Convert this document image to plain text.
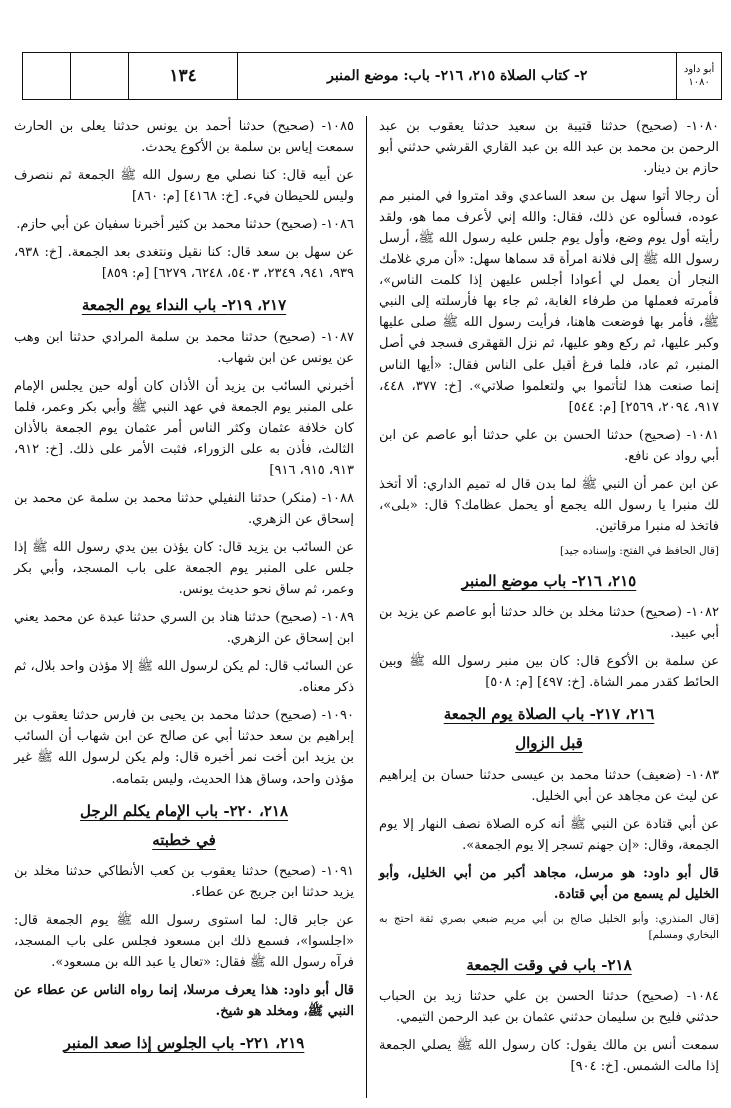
أبو داود
١٠٨٠
٢- كتاب الصلاة ٢١٥، ٢١٦- باب: موضع المنبر
١٣٤

١٠٨٠- (صحيح) حدثنا قتيبة بن سعيد حدثنا يعقوب بن عبد الرحمن بن محمد بن عبد الله بن عبد القاري القرشي حدثني أبو حازم بن دينار.

أن رجالا أتوا سهل بن سعد الساعدي وقد امتروا في المنبر مم عوده، فسألوه عن ذلك، فقال: والله إني لأعرف مما هو، ولقد رأيته أول يوم وضع، وأول يوم جلس عليه رسول الله ﷺ، أرسل رسول الله ﷺ إلى فلانة امرأة قد سماها سهل: «أن مري غلامك النجار أن يعمل لي أعوادا أجلس عليهن إذا كلمت الناس»، فأمرته فعملها من طرفاء الغابة، ثم جاء بها فأرسلته إلى النبي ﷺ، فأمر بها فوضعت هاهنا، فرأيت رسول الله ﷺ صلى عليها وكبر عليها، ثم ركع وهو عليها، ثم نزل القهقرى فسجد في أصل المنبر، ثم عاد، فلما فرغ أقبل على الناس فقال: «أيها الناس إنما صنعت هذا لتأتموا بي ولتعلموا صلاتي». [خ: ٣٧٧، ٤٤٨، ٩١٧، ٢٠٩٤، ٢٥٦٩] [م: ٥٤٤]

١٠٨١- (صحيح) حدثنا الحسن بن علي حدثنا أبو عاصم عن ابن أبي رواد عن نافع.

عن ابن عمر أن النبي ﷺ لما بدن قال له تميم الداري: ألا أتخذ لك منبرا يا رسول الله يجمع أو يحمل عظامك؟ قال: «بلى»، فاتخذ له منبرا مرقاتين.

[قال الحافظ في الفتح: وإسناده جيد]

٢١٥، ٢١٦- باب موضع المنبر

١٠٨٢- (صحيح) حدثنا مخلد بن خالد حدثنا أبو عاصم عن يزيد بن أبي عبيد.

عن سلمة بن الأكوع قال: كان بين منبر رسول الله ﷺ وبين الحائط كقدر ممر الشاة. [خ: ٤٩٧] [م: ٥٠٨]

٢١٦، ٢١٧- باب الصلاة يوم الجمعة
قبل الزوال

١٠٨٣- (ضعيف) حدثنا محمد بن عيسى حدثنا حسان بن إبراهيم عن ليث عن مجاهد عن أبي الخليل.

عن أبي قتادة عن النبي ﷺ أنه كره الصلاة نصف النهار إلا يوم الجمعة، وقال: «إن جهنم تسجر إلا يوم الجمعة».

قال أبو داود: هو مرسل، مجاهد أكبر من أبي الخليل، وأبو الخليل لم يسمع من أبي قتادة.

[قال المنذري: وأبو الخليل صالح بن أبي مريم ضبعي بصري ثقة احتج به البخاري ومسلم]

٢١٨- باب في وقت الجمعة

١٠٨٤- (صحيح) حدثنا الحسن بن علي حدثنا زيد بن الحباب حدثني فليح بن سليمان حدثني عثمان بن عبد الرحمن التيمي.

سمعت أنس بن مالك يقول: كان رسول الله ﷺ يصلي الجمعة إذا مالت الشمس. [خ: ٩٠٤]

١٠٨٥- (صحيح) حدثنا أحمد بن يونس حدثنا يعلى بن الحارث سمعت إياس بن سلمة بن الأكوع يحدث.

عن أبيه قال: كنا نصلي مع رسول الله ﷺ الجمعة ثم ننصرف وليس للحيطان فيء. [خ: ٤١٦٨] [م: ٨٦٠]

١٠٨٦- (صحيح) حدثنا محمد بن كثير أخبرنا سفيان عن أبي حازم.

عن سهل بن سعد قال: كنا نقيل ونتغدى بعد الجمعة. [خ: ٩٣٨، ٩٣٩، ٩٤١، ٢٣٤٩، ٥٤٠٣، ٦٢٤٨، ٦٢٧٩] [م: ٨٥٩]

٢١٧، ٢١٩- باب النداء يوم الجمعة

١٠٨٧- (صحيح) حدثنا محمد بن سلمة المرادي حدثنا ابن وهب عن يونس عن ابن شهاب.

أخبرني السائب بن يزيد أن الأذان كان أوله حين يجلس الإمام على المنبر يوم الجمعة في عهد النبي ﷺ وأبي بكر وعمر، فلما كان خلافة عثمان وكثر الناس أمر عثمان يوم الجمعة بالأذان الثالث، فأذن به على الزوراء، فثبت الأمر على ذلك. [خ: ٩١٢، ٩١٣، ٩١٥، ٩١٦]

١٠٨٨- (منكر) حدثنا النفيلي حدثنا محمد بن سلمة عن محمد بن إسحاق عن الزهري.

عن السائب بن يزيد قال: كان يؤذن بين يدي رسول الله ﷺ إذا جلس على المنبر يوم الجمعة على باب المسجد، وأبي بكر وعمر، ثم ساق نحو حديث يونس.

١٠٨٩- (صحيح) حدثنا هناد بن السري حدثنا عبدة عن محمد يعني ابن إسحاق عن الزهري.

عن السائب قال: لم يكن لرسول الله ﷺ إلا مؤذن واحد بلال، ثم ذكر معناه.

١٠٩٠- (صحيح) حدثنا محمد بن يحيى بن فارس حدثنا يعقوب بن إبراهيم بن سعد حدثنا أبي عن صالح عن ابن شهاب أن السائب بن يزيد ابن أخت نمر أخبره قال: ولم يكن لرسول الله ﷺ غير مؤذن واحد، وساق هذا الحديث، وليس بتمامه.

٢١٨، ٢٢٠- باب الإمام يكلم الرجل
في خطبته

١٠٩١- (صحيح) حدثنا يعقوب بن كعب الأنطاكي حدثنا مخلد بن يزيد حدثنا ابن جريج عن عطاء.

عن جابر قال: لما استوى رسول الله ﷺ يوم الجمعة قال: «اجلسوا»، فسمع ذلك ابن مسعود فجلس على باب المسجد، فرآه رسول الله ﷺ فقال: «تعال يا عبد الله بن مسعود».

قال أبو داود: هذا يعرف مرسلا، إنما رواه الناس عن عطاء عن النبي ﷺ، ومخلد هو شيخ.

٢١٩، ٢٢١- باب الجلوس إذا صعد المنبر
